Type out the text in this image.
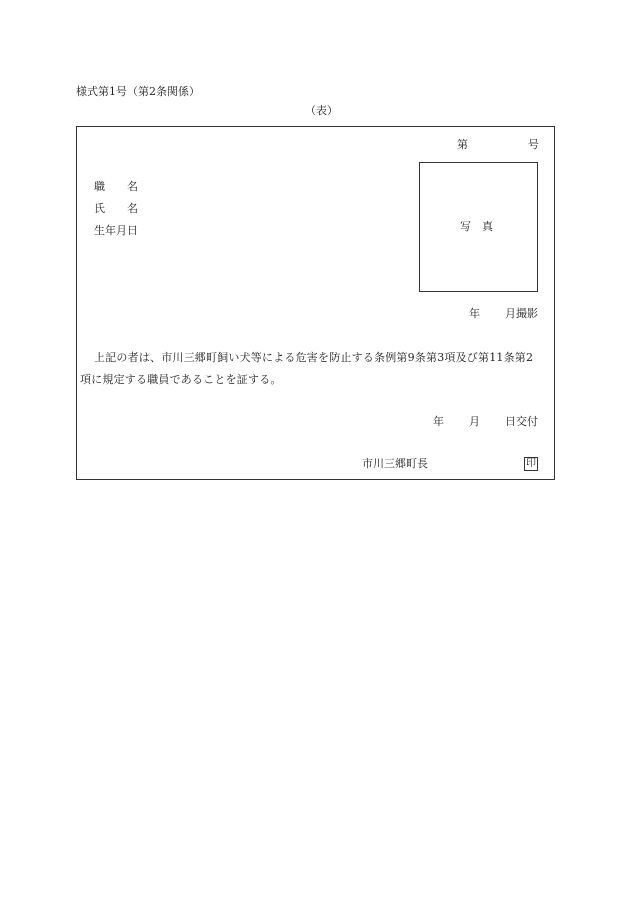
様式第1号（第2条関係）
（表）
第	号
職　　名
氏　　名
生年月日	写　真
年 月撮影
上記の者は、市川三郷町飼い犬等による危害を防止する条例第9条第3項及び第11条第2
項に規定する職員であることを証する。
年 月 日交付
市川三郷町長	印
